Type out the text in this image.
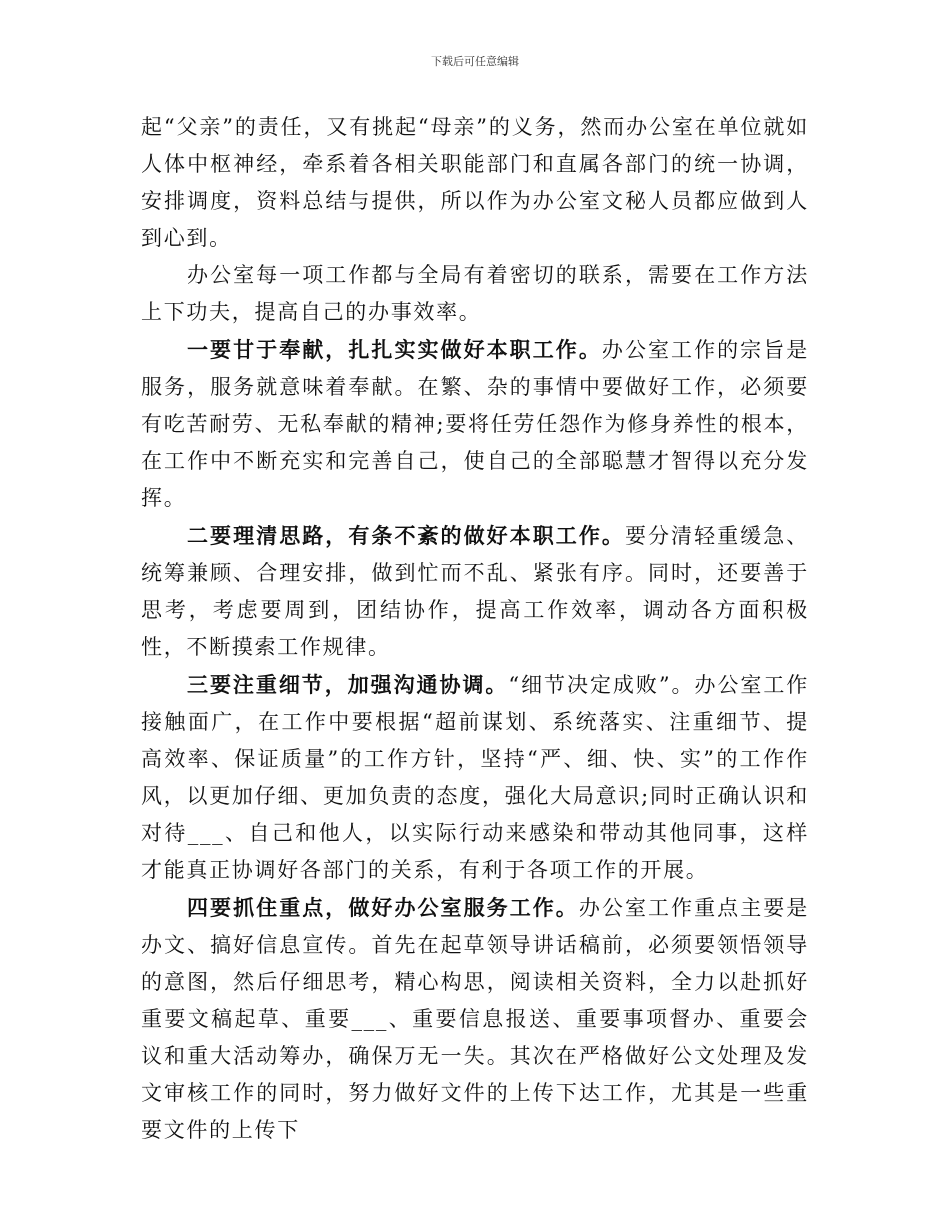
下载后可任意编辑

起“父亲”的责任，又有挑起“母亲”的义务，然而办公室在单位就如人体中枢神经，牵系着各相关职能部门和直属各部门的统一协调，安排调度，资料总结与提供，所以作为办公室文秘人员都应做到人到心到。

办公室每一项工作都与全局有着密切的联系，需要在工作方法上下功夫，提高自己的办事效率。

一要甘于奉献，扎扎实实做好本职工作。办公室工作的宗旨是服务，服务就意味着奉献。在繁、杂的事情中要做好工作，必须要有吃苦耐劳、无私奉献的精神;要将任劳任怨作为修身养性的根本，在工作中不断充实和完善自己，使自己的全部聪慧才智得以充分发挥。

二要理清思路，有条不紊的做好本职工作。要分清轻重缓急、统筹兼顾、合理安排，做到忙而不乱、紧张有序。同时，还要善于思考，考虑要周到，团结协作，提高工作效率，调动各方面积极性，不断摸索工作规律。

三要注重细节，加强沟通协调。“细节决定成败”。办公室工作接触面广，在工作中要根据“超前谋划、系统落实、注重细节、提高效率、保证质量”的工作方针，坚持“严、细、快、实”的工作作风，以更加仔细、更加负责的态度，强化大局意识;同时正确认识和对待___、自己和他人，以实际行动来感染和带动其他同事，这样才能真正协调好各部门的关系，有利于各项工作的开展。

四要抓住重点，做好办公室服务工作。办公室工作重点主要是办文、搞好信息宣传。首先在起草领导讲话稿前，必须要领悟领导的意图，然后仔细思考，精心构思，阅读相关资料，全力以赴抓好重要文稿起草、重要___、重要信息报送、重要事项督办、重要会议和重大活动筹办，确保万无一失。其次在严格做好公文处理及发文审核工作的同时，努力做好文件的上传下达工作，尤其是一些重要文件的上传下
